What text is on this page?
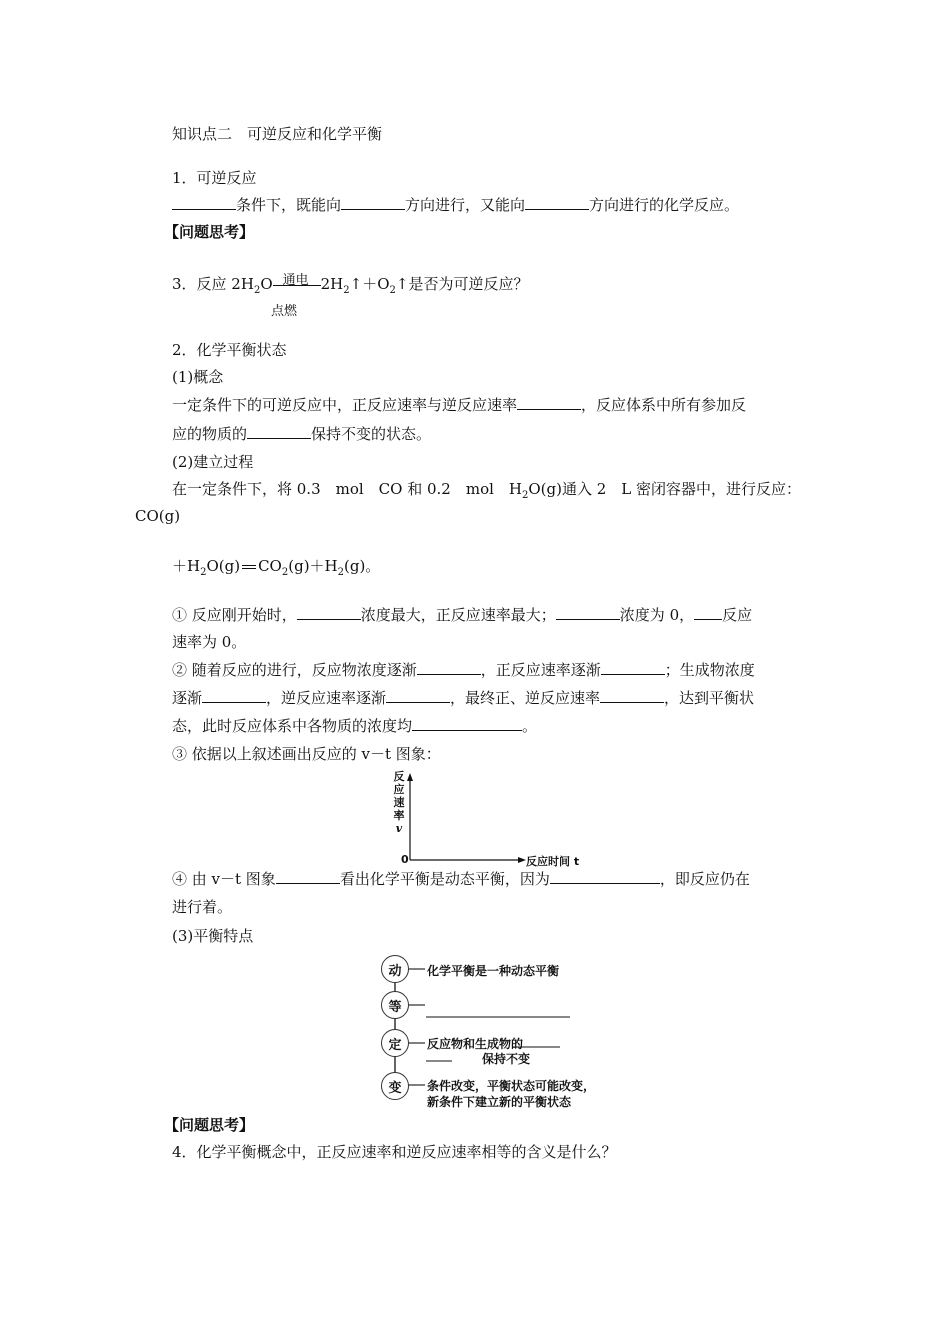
知识点二　可逆反应和化学平衡
1．可逆反应
条件下，既能向	方向进行，又能向	方向进行的化学反应。
【问题思考】
3．反应 $2H_2O$ 通电 $2H_2↑+O_2↑$是否为可逆反应？
点燃
2．化学平衡状态
(1)概念
一定条件下的可逆反应中，正反应速率与逆反应速率	，反应体系中所有参加反
应的物质的	保持不变的状态。
(2)建立过程
在一定条件下，将 0.3　mol　CO 和 0.2　mol　$H_2O(g)$通入 2　L 密闭容器中，进行反应：
CO(g)
$+H_2O(g)$ $CO_2(g)+H_2(g)$。
① 反应刚开始时，	浓度最大，正反应速率最大；	浓度为 0， 反应
速率为 0。
② 随着反应的进行，反应物浓度逐渐	，正反应速率逐渐	；生成物浓度
逐渐	，逆反应速率逐渐	，最终正、逆反应速率	，达到平衡状
态，此时反应体系中各物质的浓度均	。
③ 依据以上叙述画出反应的 v－t 图象：
反
应
速
率
v
0	反应时间 t
④ 由 v－t 图象	看出化学平衡是动态平衡，因为	，即反应仍在
进行着。
(3)平衡特点
动	化学平衡是一种动态平衡
等
定	反应物和生成物的
保持不变
变	条件改变，平衡状态可能改变，
新条件下建立新的平衡状态
【问题思考】
4．化学平衡概念中，正反应速率和逆反应速率相等的含义是什么？
